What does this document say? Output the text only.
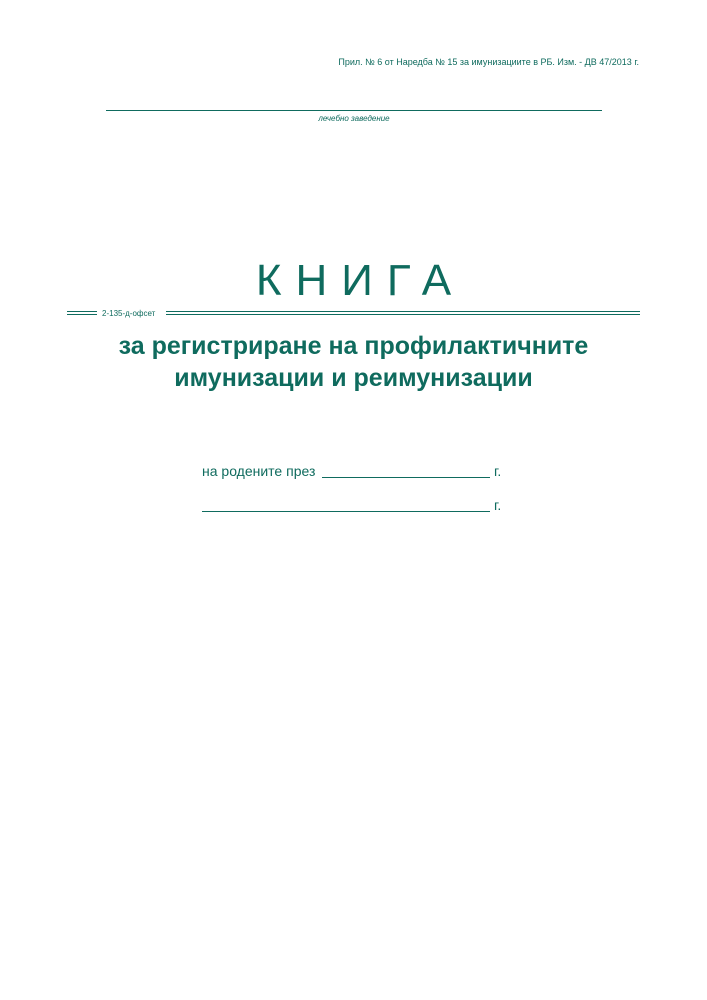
Прил. № 6 от Наредба № 15 за имунизациите в РБ. Изм. - ДВ 47/2013 г.
лечебно заведение
КНИГА
2-135-д-офсет
за регистриране на профилактичните
имунизации и реимунизации
на родените през	г.
г.
